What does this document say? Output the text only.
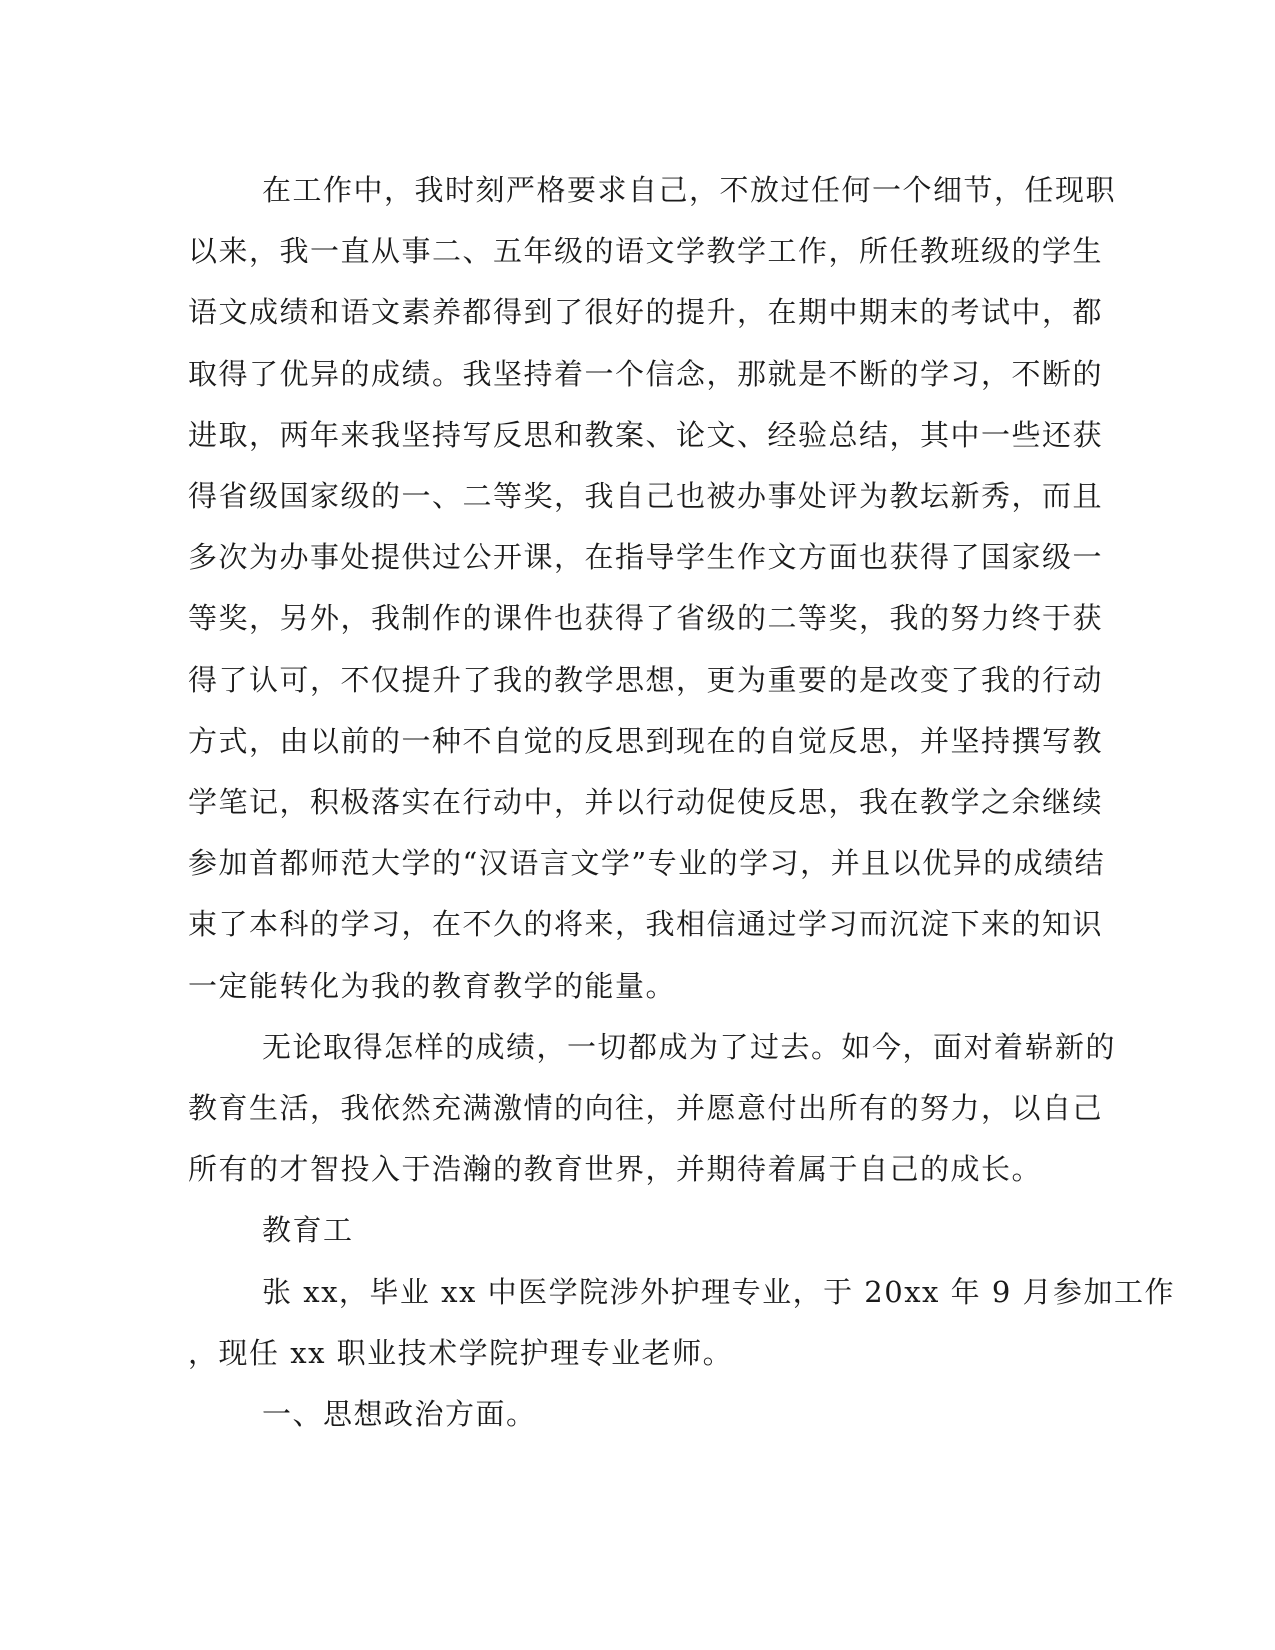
在工作中，我时刻严格要求自己，不放过任何一个细节，任现职
以来，我一直从事二、五年级的语文学教学工作，所任教班级的学生
语文成绩和语文素养都得到了很好的提升，在期中期末的考试中，都
取得了优异的成绩。我坚持着一个信念，那就是不断的学习，不断的
进取，两年来我坚持写反思和教案、论文、经验总结，其中一些还获
得省级国家级的一、二等奖，我自己也被办事处评为教坛新秀，而且
多次为办事处提供过公开课，在指导学生作文方面也获得了国家级一
等奖，另外，我制作的课件也获得了省级的二等奖，我的努力终于获
得了认可，不仅提升了我的教学思想，更为重要的是改变了我的行动
方式，由以前的一种不自觉的反思到现在的自觉反思，并坚持撰写教
学笔记，积极落实在行动中，并以行动促使反思，我在教学之余继续
参加首都师范大学的“汉语言文学”专业的学习，并且以优异的成绩结
束了本科的学习，在不久的将来，我相信通过学习而沉淀下来的知识
一定能转化为我的教育教学的能量。
无论取得怎样的成绩，一切都成为了过去。如今，面对着崭新的
教育生活，我依然充满激情的向往，并愿意付出所有的努力，以自己
所有的才智投入于浩瀚的教育世界，并期待着属于自己的成长。
教育工
张 xx，毕业 xx 中医学院涉外护理专业，于 20xx 年 9 月参加工作
，现任 xx 职业技术学院护理专业老师。
一、思想政治方面。
